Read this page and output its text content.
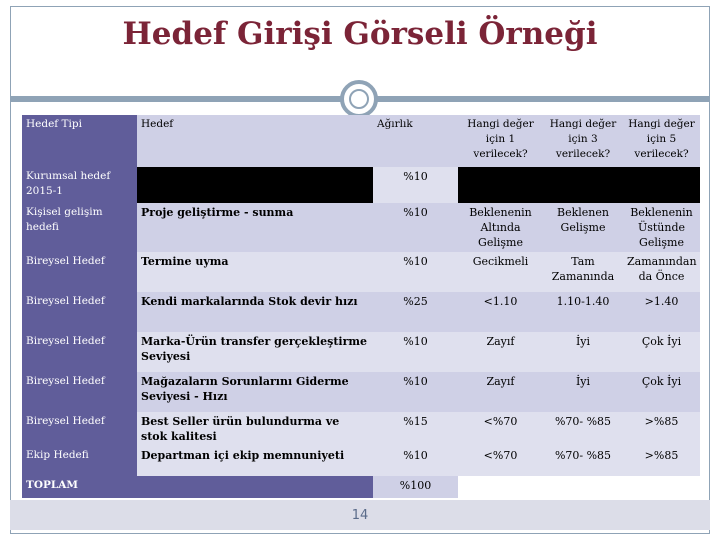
Hedef Girişi Görseli Örneği
Hedef Tipi	Hedef	Ağırlık	Hangi değer için 1 verilecek?	Hangi değer için 3 verilecek?	Hangi değer için 5 verilecek?
Kurumsal hedef 2015-1		%10			
Kişisel gelişim hedefi	Proje geliştirme - sunma	%10	Beklenenin Altında Gelişme	Beklenen Gelişme	Beklenenin Üstünde Gelişme
Bireysel Hedef	Termine uyma	%10	Gecikmeli	Tam Zamanında	Zamanından da Önce
Bireysel Hedef	Kendi markalarında Stok devir hızı	%25	<1.10	1.10-1.40	>1.40
Bireysel Hedef	Marka-Ürün transfer gerçekleştirme Seviyesi	%10	Zayıf	İyi	Çok İyi
Bireysel Hedef	Mağazaların Sorunlarını Giderme Seviyesi - Hızı	%10	Zayıf	İyi	Çok İyi
Bireysel Hedef	Best Seller ürün bulundurma ve stok kalitesi	%15	<%70	%70- %85	>%85
Ekip Hedefi	Departman içi ekip memnuniyeti	%10	<%70	%70- %85	>%85
TOPLAM		%100			
14
